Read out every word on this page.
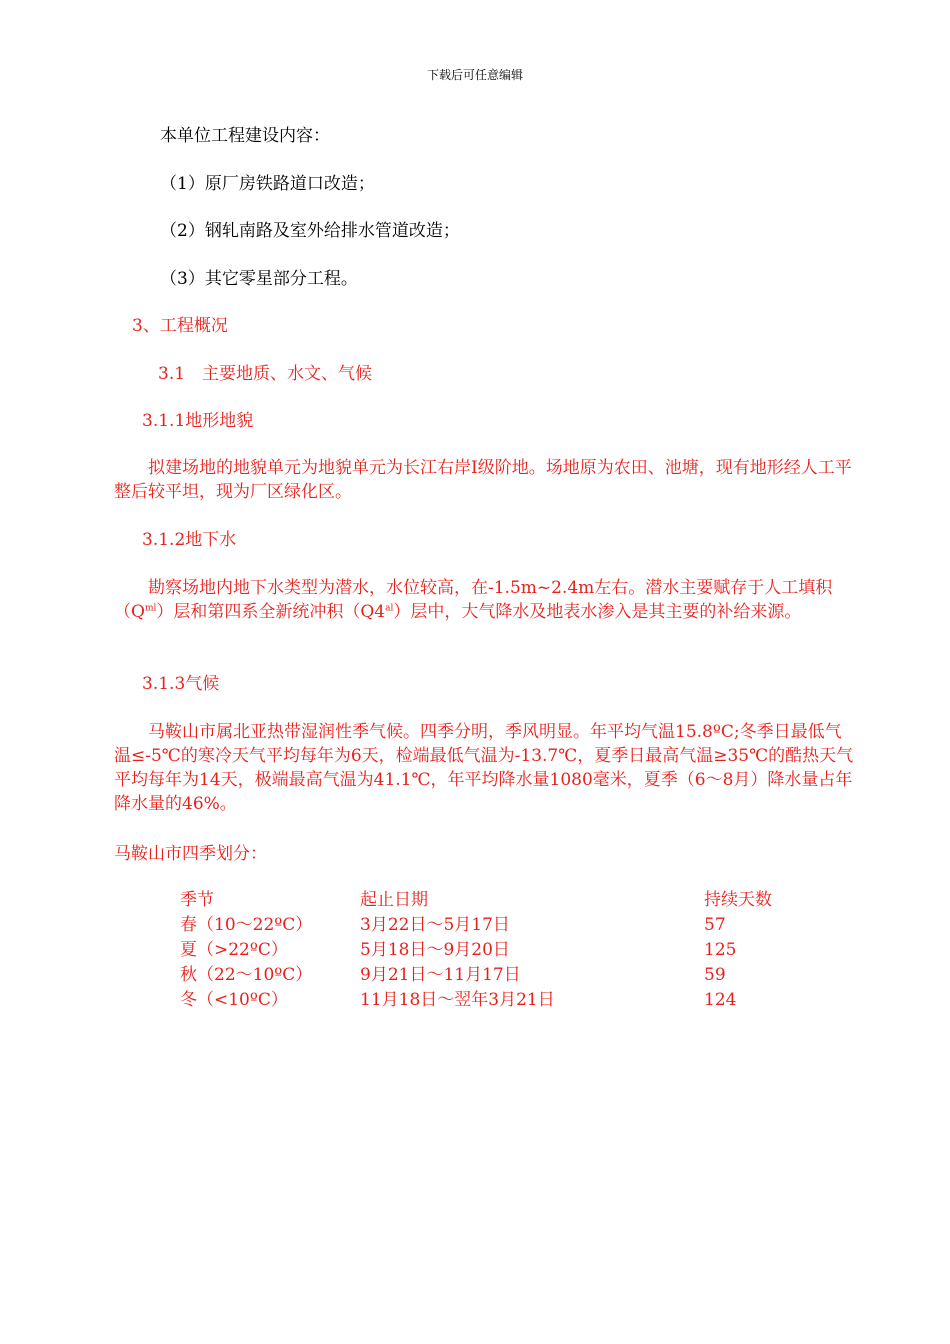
下载后可任意编辑
本单位工程建设内容：
（1）原厂房铁路道口改造；
（2）钢轧南路及室外给排水管道改造；
（3）其它零星部分工程。
3、工程概况
3.1　主要地质、水文、气候
3.1.1地形地貌

拟建场地的地貌单元为地貌单元为长江右岸Ⅰ级阶地。场地原为农田、池塘，现有地形经人工平整后较平坦，现为厂区绿化区。

3.1.2地下水

勘察场地内地下水类型为潜水，水位较高，在-1.5m~2.4m左右。潜水主要赋存于人工填积$(Q^{ml})$层和第四系全新统冲积$(Q4^{al})$层中，大气降水及地表水渗入是其主要的补给来源。

3.1.3气候

马鞍山市属北亚热带湿润性季气候。四季分明，季风明显。年平均气温15.8ºC;冬季日最低气温≤-5℃的寒冷天气平均每年为6天，检端最低气温为-13.7℃，夏季日最高气温≥35℃的酷热天气平均每年为14天，极端最高气温为41.1℃，年平均降水量1080毫米，夏季（6～8月）降水量占年降水量的46%。

马鞍山市四季划分：
季节	起止日期	持续天数
春（10～22ºC）	3月22日～5月17日	57
夏（>22ºC）	5月18日～9月20日	125
秋（22～10ºC）	9月21日～11月17日	59
冬（<10ºC）	11月18日～翌年3月21日	124
